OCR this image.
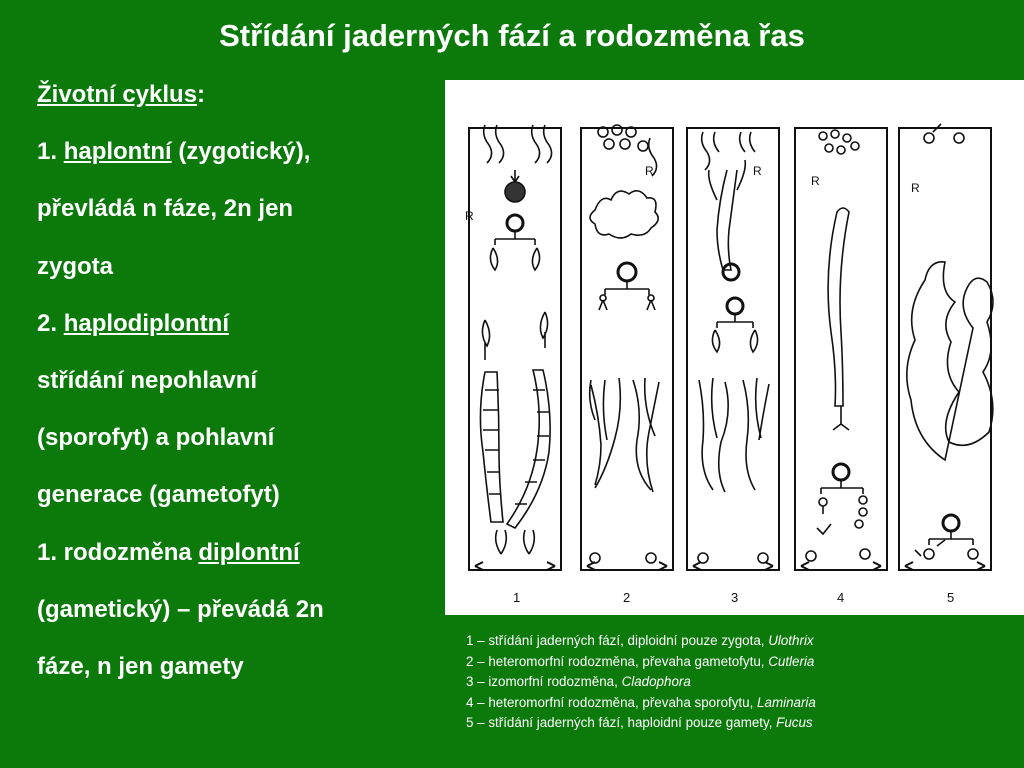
Střídání jaderných fází a rodozměna řas
R
1
R
2
R
3
R
4
R
5
Životní cyklus:
1. haplontní (zygotický),
převládá n fáze, 2n jen
zygota
2. haplodiplontní
střídání nepohlavní
(sporofyt) a pohlavní
generace (gametofyt)
1. rodozměna diplontní
(gametický) – převádá 2n
fáze, n jen gamety
1 – střídání jaderných fází, diploidní pouze zygota, Ulothrix
2 – heteromorfní rodozměna, převaha gametofytu, Cutleria
3 – izomorfní rodozměna, Cladophora
4 – heteromorfní rodozměna, převaha sporofytu, Laminaria
5 – střídání jaderných fází, haploidní pouze gamety, Fucus
